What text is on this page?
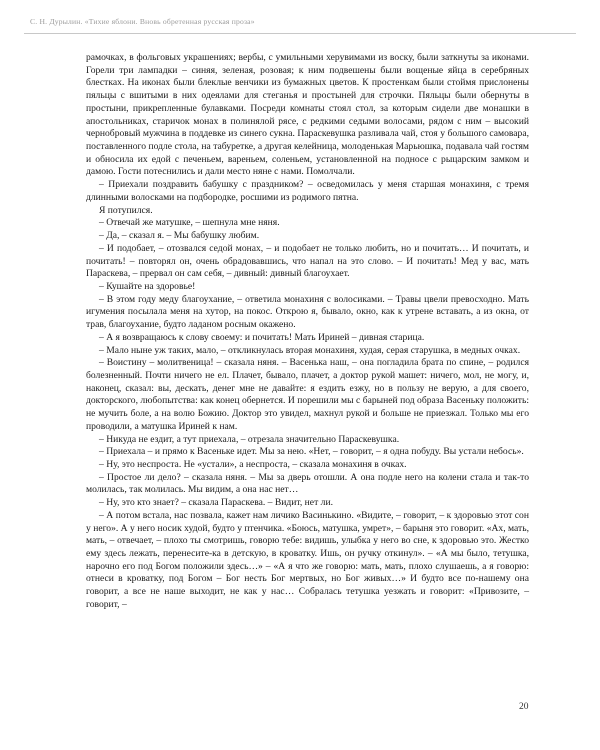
С. Н. Дурылин. «Тихие яблони. Вновь обретенная русская проза»

рамочках, в фольговых украшениях; вербы, с умильными херувимами из воску, были заткнуты за иконами. Горели три лампадки – синяя, зеленая, розовая; к ним подвешены были вощеные яйца в серебряных блестках. На иконах были блеклые венчики из бумажных цветов. К простенкам были стоймя прислонены пяльцы с вшитыми в них одеялами для стеганья и простыней для строчки. Пяльцы были обернуты в простыни, прикрепленные булавками. Посреди комнаты стоял стол, за которым сидели две монашки в апостольниках, старичок монах в полинялой рясе, с редкими седыми волосами, рядом с ним – высокий чернобровый мужчина в поддевке из синего сукна. Параскевушка разливала чай, стоя у большого самовара, поставленного подле стола, на табуретке, а другая келейница, молоденькая Марьюшка, подавала чай гостям и обносила их едой с печеньем, вареньем, соленьем, установленной на подносе с рыцарским замком и дамою. Гости потеснились и дали место няне с нами. Помолчали.

– Приехали поздравить бабушку с праздником? – осведомилась у меня старшая монахиня, с тремя длинными волосками на подбородке, росшими из родимого пятна.

Я потупился.

– Отвечай же матушке, – шепнула мне няня.

– Да, – сказал я. – Мы бабушку любим.

– И подобает, – отозвался седой монах, – и подобает не только любить, но и почитать… И почитать, и почитать! – повторял он, очень обрадовавшись, что напал на это слово. – И почитать! Мед у вас, мать Параскева, – прервал он сам себя, – дивный: дивный благоухает.

– Кушайте на здоровье!

– В этом году меду благоухание, – ответила монахиня с волосиками. – Травы цвели превосходно. Мать игумения посылала меня на хутор, на покос. Открою я, бывало, окно, как к утрене вставать, а из окна, от трав, благоухание, будто ладаном росным окажено.

– А я возвращаюсь к слову своему: и почитать! Мать Ириней – дивная старица.

– Мало ныне уж таких, мало, – откликнулась вторая монахиня, худая, серая старушка, в медных очках.

– Воистину – молитвеница! – сказала няня. – Васенька наш, – она погладила брата по спине, – родился болезненный. Почти ничего не ел. Плачет, бывало, плачет, а доктор рукой машет: ничего, мол, не могу, и, наконец, сказал: вы, дескать, денег мне не давайте: я ездить езжу, но в пользу не верую, а для своего, докторского, любопытства: как конец обернется. И порешили мы с барыней под образа Васеньку положить: не мучить боле, а на волю Божию. Доктор это увидел, махнул рукой и больше не приезжал. Только мы его проводили, а матушка Ириней к нам.

– Никуда не ездит, а тут приехала, – отрезала значительно Параскевушка.

– Приехала – и прямо к Васеньке идет. Мы за нею. «Нет, – говорит, – я одна побуду. Вы устали небось».

– Ну, это неспроста. Не «устали», а неспроста, – сказала монахиня в очках.

– Простое ли дело? – сказала няня. – Мы за дверь отошли. А она подле него на колени стала и так-то молилась, так молилась. Мы видим, а она нас нет…

– Ну, это кто знает? – сказала Параскева. – Видит, нет ли.

– А потом встала, нас позвала, кажет нам личико Васинькино. «Видите, – говорит, – к здоровью этот сон у него». А у него носик худой, будто у птенчика. «Боюсь, матушка, умрет», – барыня это говорит. «Ах, мать, мать, – отвечает, – плохо ты смотришь, говорю тебе: видишь, улыбка у него во сне, к здоровью это. Жестко ему здесь лежать, перенесите-ка в детскую, в кроватку. Ишь, он ручку откинул». – «А мы было, тетушка, нарочно его под Богом положили здесь…» – «А я что же говорю: мать, мать, плохо слушаешь, а я говорю: отнеси в кроватку, под Богом – Бог несть Бог мертвых, но Бог живых…» И будто все по-нашему она говорит, а все не наше выходит, не как у нас… Собралась тетушка уезжать и говорит: «Привозите, – говорит, –

20
